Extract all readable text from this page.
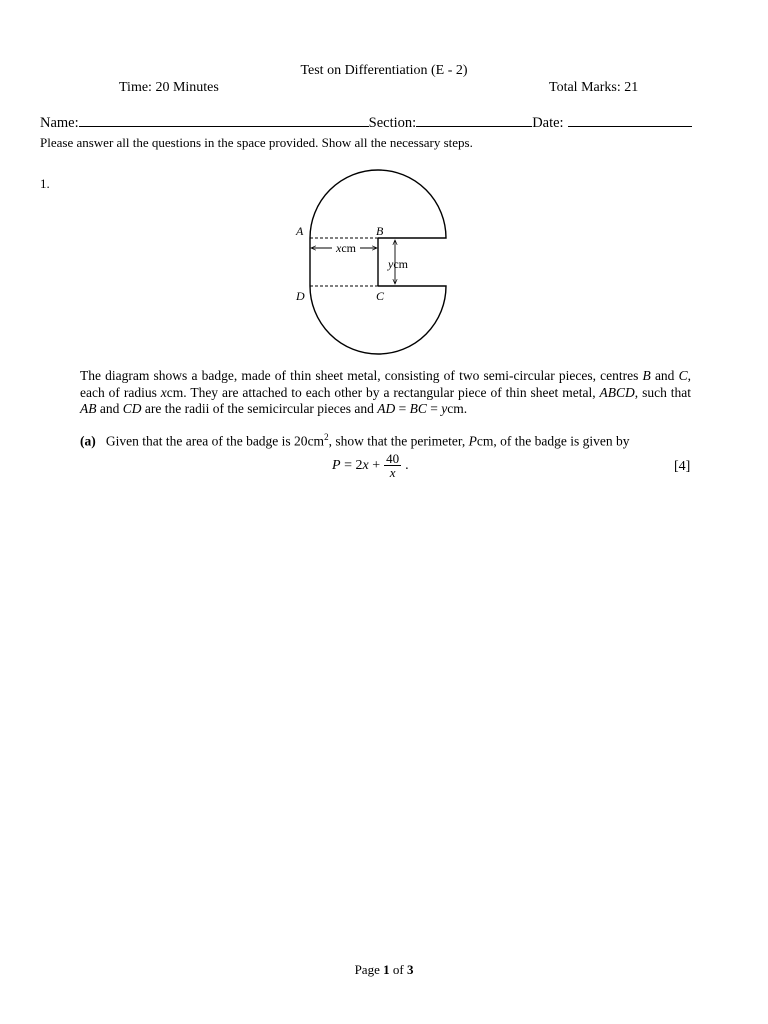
Test on Differentiation (E - 2)
Time: 20 Minutes	Total Marks: 21
Name:	Section:	Date:
Please answer all the questions in the space provided. Show all the necessary steps.
1.
xcm
ycm
A	B
D	C
The diagram shows a badge, made of thin sheet metal, consisting of two semi-circular pieces, centres B and C, each of radius xcm. They are attached to each other by a rectangular piece of thin sheet metal, ABCD, such that AB and CD are the radii of the semicircular pieces and AD = BC = ycm.
(a) Given that the area of the badge is $20cm^2$, show that the perimeter, Pcm, of the badge is given by
$P = 2x + \frac{40}{x}$ .	[4]
Page 1 of 3
